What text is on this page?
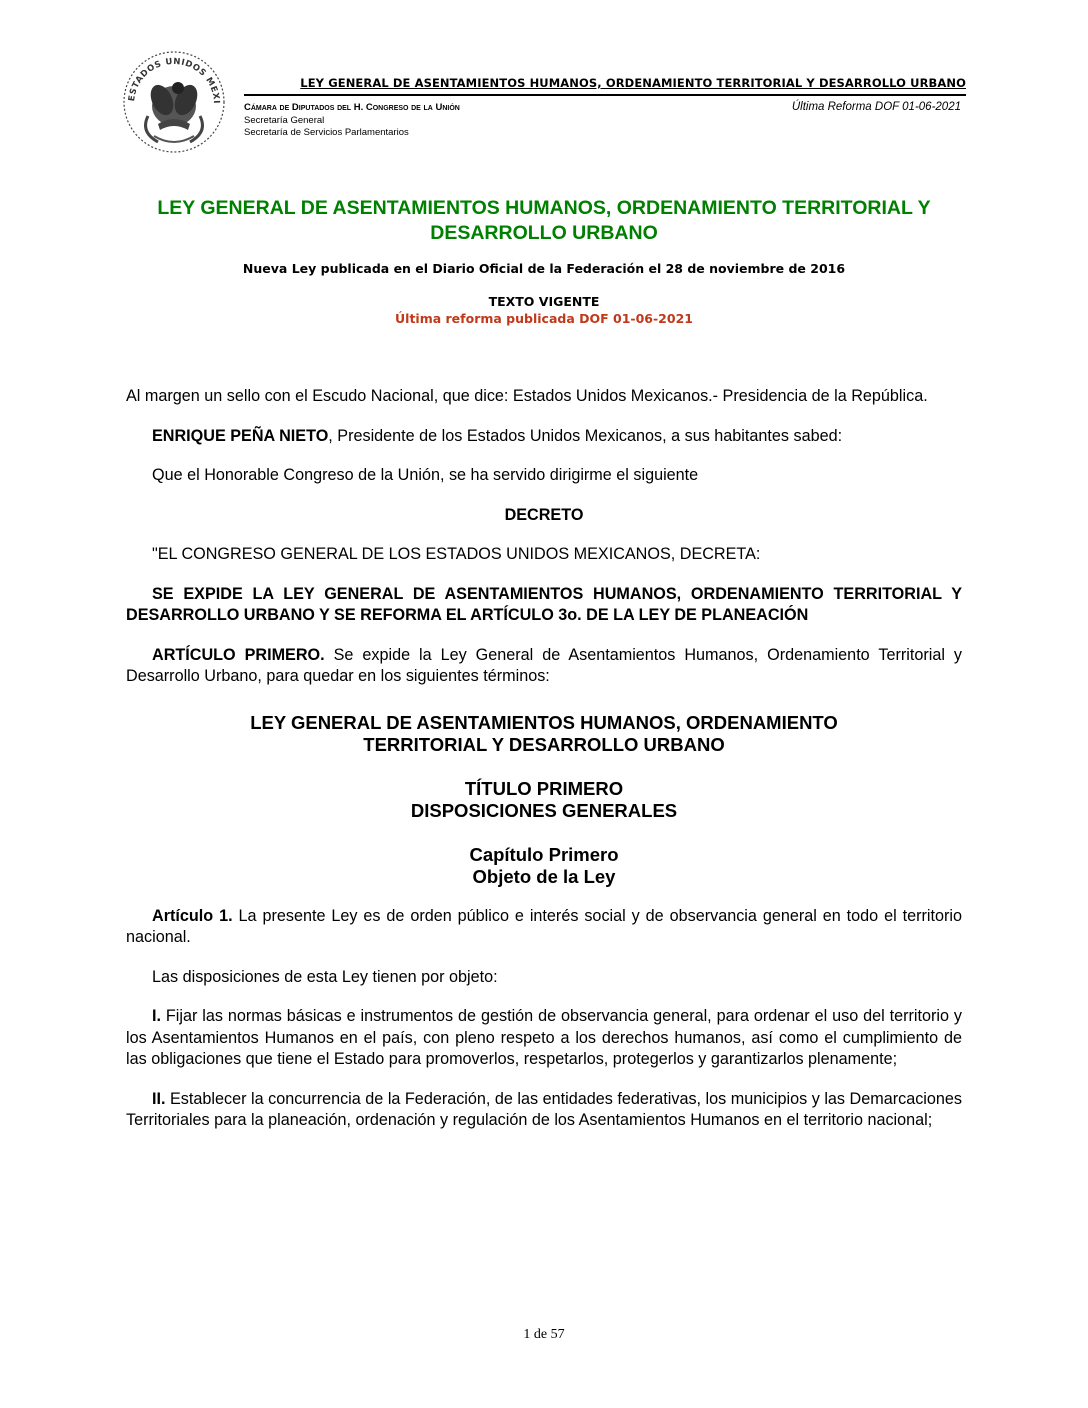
ESTADOS UNIDOS MEXI
LEY GENERAL DE ASENTAMIENTOS HUMANOS, ORDENAMIENTO TERRITORIAL Y DESARROLLO URBANO
Cámara de Diputados del H. Congreso de la Unión
Secretaría General
Secretaría de Servicios Parlamentarios
Última Reforma DOF 01-06-2021
LEY GENERAL DE ASENTAMIENTOS HUMANOS, ORDENAMIENTO TERRITORIAL Y DESARROLLO URBANO
Nueva Ley publicada en el Diario Oficial de la Federación el 28 de noviembre de 2016
TEXTO VIGENTE
Última reforma publicada DOF 01-06-2021

Al margen un sello con el Escudo Nacional, que dice: Estados Unidos Mexicanos.- Presidencia de la República.

ENRIQUE PEÑA NIETO, Presidente de los Estados Unidos Mexicanos, a sus habitantes sabed:

Que el Honorable Congreso de la Unión, se ha servido dirigirme el siguiente

DECRETO

"EL CONGRESO GENERAL DE LOS ESTADOS UNIDOS MEXICANOS, DECRETA:

SE EXPIDE LA LEY GENERAL DE ASENTAMIENTOS HUMANOS, ORDENAMIENTO TERRITORIAL Y DESARROLLO URBANO Y SE REFORMA EL ARTÍCULO 3o. DE LA LEY DE PLANEACIÓN

ARTÍCULO PRIMERO. Se expide la Ley General de Asentamientos Humanos, Ordenamiento Territorial y Desarrollo Urbano, para quedar en los siguientes términos:

LEY GENERAL DE ASENTAMIENTOS HUMANOS, ORDENAMIENTO TERRITORIAL Y DESARROLLO URBANO
TÍTULO PRIMERO
DISPOSICIONES GENERALES
Capítulo Primero
Objeto de la Ley

Artículo 1. La presente Ley es de orden público e interés social y de observancia general en todo el territorio nacional.

Las disposiciones de esta Ley tienen por objeto:

I. Fijar las normas básicas e instrumentos de gestión de observancia general, para ordenar el uso del territorio y los Asentamientos Humanos en el país, con pleno respeto a los derechos humanos, así como el cumplimiento de las obligaciones que tiene el Estado para promoverlos, respetarlos, protegerlos y garantizarlos plenamente;

II. Establecer la concurrencia de la Federación, de las entidades federativas, los municipios y las Demarcaciones Territoriales para la planeación, ordenación y regulación de los Asentamientos Humanos en el territorio nacional;

1 de 57
